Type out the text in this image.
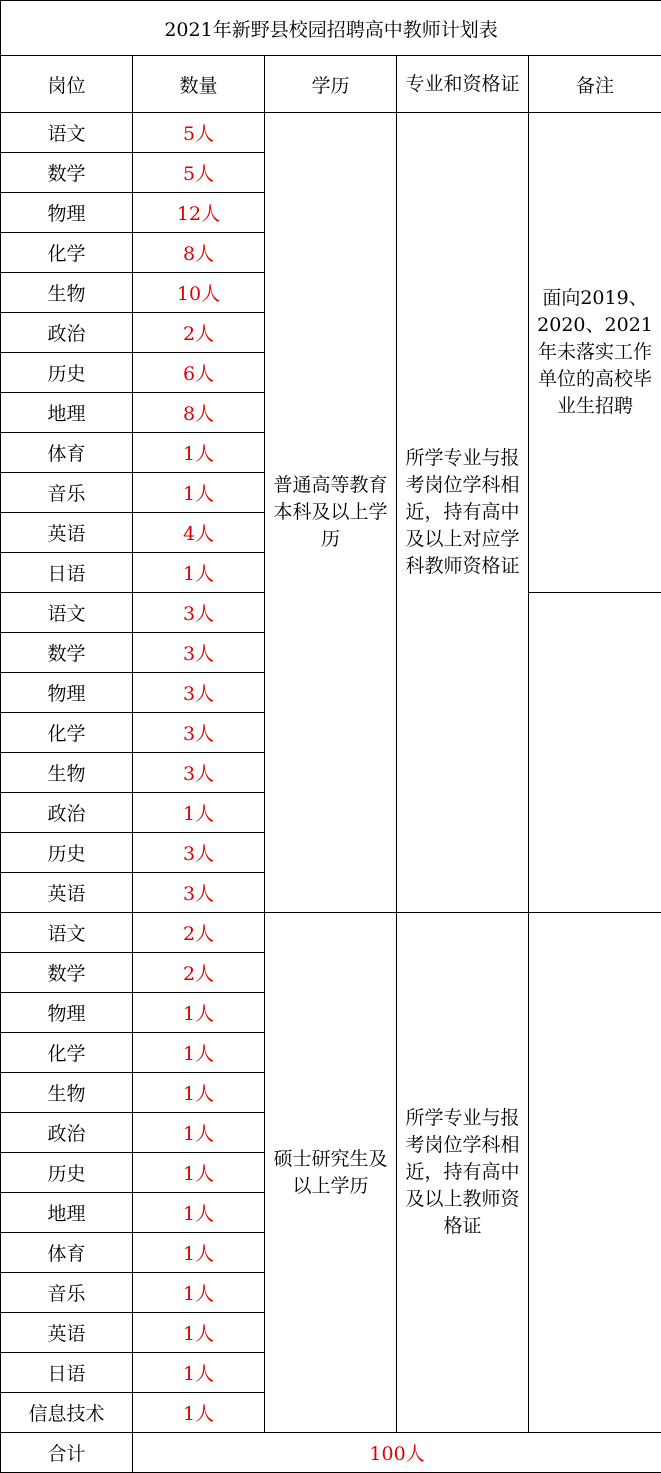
2021年新野县校园招聘高中教师计划表				
岗位	数量	学历	专业和资格证	备注
语文	5人	普通高等教育本科及以上学历	所学专业与报考岗位学科相近，持有高中及以上对应学科教师资格证	面向2019、2020、2021年未落实工作单位的高校毕业生招聘
数学	5人			
物理	12人			
化学	8人			
生物	10人			
政治	2人			
历史	6人			
地理	8人			
体育	1人			
音乐	1人			
英语	4人			
日语	1人			
语文	3人			
数学	3人			
物理	3人			
化学	3人			
生物	3人			
政治	1人			
历史	3人			
英语	3人			
语文	2人	硕士研究生及以上学历	所学专业与报考岗位学科相近，持有高中及以上教师资格证	
数学	2人			
物理	1人			
化学	1人			
生物	1人			
政治	1人			
历史	1人			
地理	1人			
体育	1人			
音乐	1人			
英语	1人			
日语	1人			
信息技术	1人			
合计	100人			
